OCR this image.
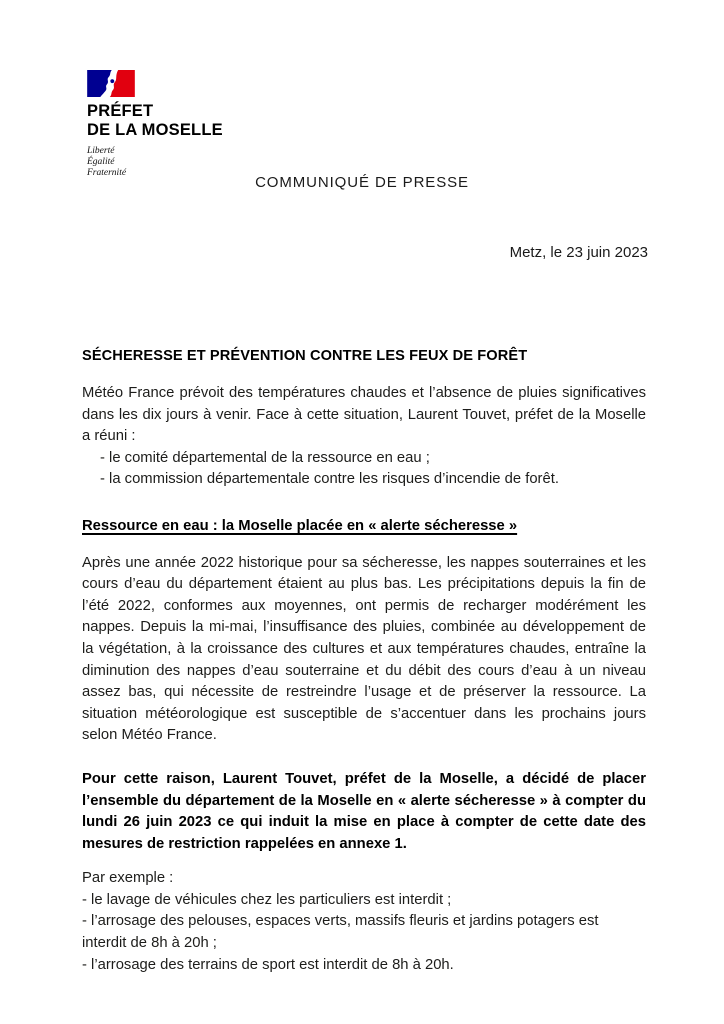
PRÉFET
DE LA MOSELLE
Liberté
Égalité
Fraternité
COMMUNIQUÉ DE PRESSE
Metz, le 23 juin 2023
SÉCHERESSE ET PRÉVENTION CONTRE LES FEUX DE FORÊT

Météo France prévoit des températures chaudes et l’absence de pluies significatives dans les dix jours à venir. Face à cette situation, Laurent Touvet, préfet de la Moselle a réuni :

- le comité départemental de la ressource en eau ;
- la commission départementale contre les risques d’incendie de forêt.
Ressource en eau : la Moselle placée en « alerte sécheresse »

Après une année 2022 historique pour sa sécheresse, les nappes souterraines et les cours d’eau du département étaient au plus bas. Les précipitations depuis la fin de l’été 2022, conformes aux moyennes, ont permis de recharger modérément les nappes. Depuis la mi-mai, l’insuffisance des pluies, combinée au développement de la végétation, à la croissance des cultures et aux températures chaudes, entraîne la diminution des nappes d’eau souterraine et du débit des cours d’eau à un niveau assez bas, qui nécessite de restreindre l’usage et de préserver la ressource. La situation météorologique est susceptible de s’accentuer dans les prochains jours selon Météo France.

Pour cette raison, Laurent Touvet, préfet de la Moselle, a décidé de placer l’ensemble du département de la Moselle en « alerte sécheresse » à compter du lundi 26 juin 2023 ce qui induit la mise en place à compter de cette date des mesures de restriction rappelées en annexe 1.

Par exemple :

- le lavage de véhicules chez les particuliers est interdit ;
- l’arrosage des pelouses, espaces verts, massifs fleuris et jardins potagers est interdit de 8h à 20h ;
- l’arrosage des terrains de sport est interdit de 8h à 20h.
